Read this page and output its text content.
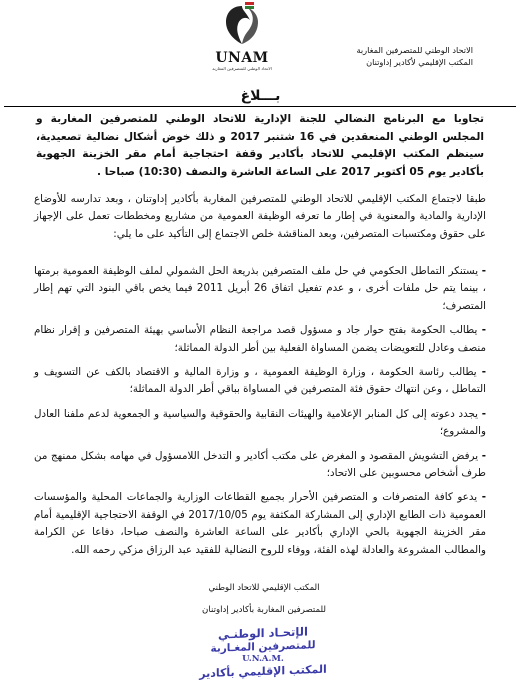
الاتحاد الوطني للمتصرفين المغاربة
المكتب الإقليمي لأكادير إداوتنان
UNAM
الاتحاد الوطني للمتصرفين المغاربة
بـــلاغ
تجاوبا مع البرنامج النضالي للجنة الإدارية للاتحاد الوطني للمتصرفين المغاربة و المجلس الوطني المنعقدين في 16 شتنبر 2017 و ذلك خوض أشكال نضالية تصعيدية، سينظم المكتب الإقليمي للاتحاد بأكادير وقفة احتجاجية أمام مقر الخزينة الجهوية بأكادير يوم 05 أكتوبر 2017 على الساعة العاشرة والنصف (10:30) صباحا .
طبقا لاجتماع المكتب الإقليمي للاتحاد الوطني للمتصرفين المغاربة بأكادير إداوتنان ، وبعد تدارسه للأوضاع الإدارية والمادية والمعنوية في إطار ما تعرفه الوظيفة العمومية من مشاريع ومخططات تعمل على الإجهاز على حقوق ومكتسبات المتصرفين، وبعد المناقشة خلص الاجتماع إلى التأكيد على ما يلي:
- يستنكر التماطل الحكومي في حل ملف المتصرفين بذريعة الحل الشمولي لملف الوظيفة العمومية برمتها ، بينما يتم حل ملفات أخرى ، و عدم تفعيل اتفاق 26 أبريل 2011 فيما يخص باقي البنود التي تهم إطار المتصرف؛
- يطالب الحكومة بفتح حوار جاد و مسؤول قصد مراجعة النظام الأساسي بهيئة المتصرفين و إقرار نظام منصف وعادل للتعويضات يضمن المساواة الفعلية بين أطر الدولة المماثلة؛
- يطالب رئاسة الحكومة ، وزارة الوظيفة العمومية ، و وزارة المالية و الاقتصاد بالكف عن التسويف و التماطل ، وعن انتهاك حقوق فئة المتصرفين في المساواة بباقي أطر الدولة المماثلة؛
- يجدد دعوته إلى كل المنابر الإعلامية والهيئات النقابية والحقوقية والسياسية و الجمعوية لدعم ملفنا العادل والمشروع؛
- يرفض التشويش المقصود و المغرض على مكتب أكادير و التدخل اللامسؤول في مهامه بشكل ممنهج من طرف أشخاص محسوبين على الاتحاد؛
- يدعو كافة المتصرفات و المتصرفين الأحرار بجميع القطاعات الوزارية والجماعات المحلية والمؤسسات العمومية ذات الطابع الإداري إلى المشاركة المكثفة يوم 2017/10/05 في الوقفة الاحتجاجية الإقليمية أمام مقر الخزينة الجهوية بالحي الإداري بأكادير على الساعة العاشرة والنصف صباحا، دفاعا عن الكرامة والمطالب المشروعة والعادلة لهذه الفئة، ووفاء للروح النضالية للفقيد عبد الرزاق مزكي رحمه الله.
المكتب الإقليمي للاتحاد الوطني
للمتصرفين المغاربة بأكادير إداوتنان
الإتحـاد الوطنـي
للمتصرفين المغـاربة
U.N.A.M.
المكتب الإقليمي بأكادير
